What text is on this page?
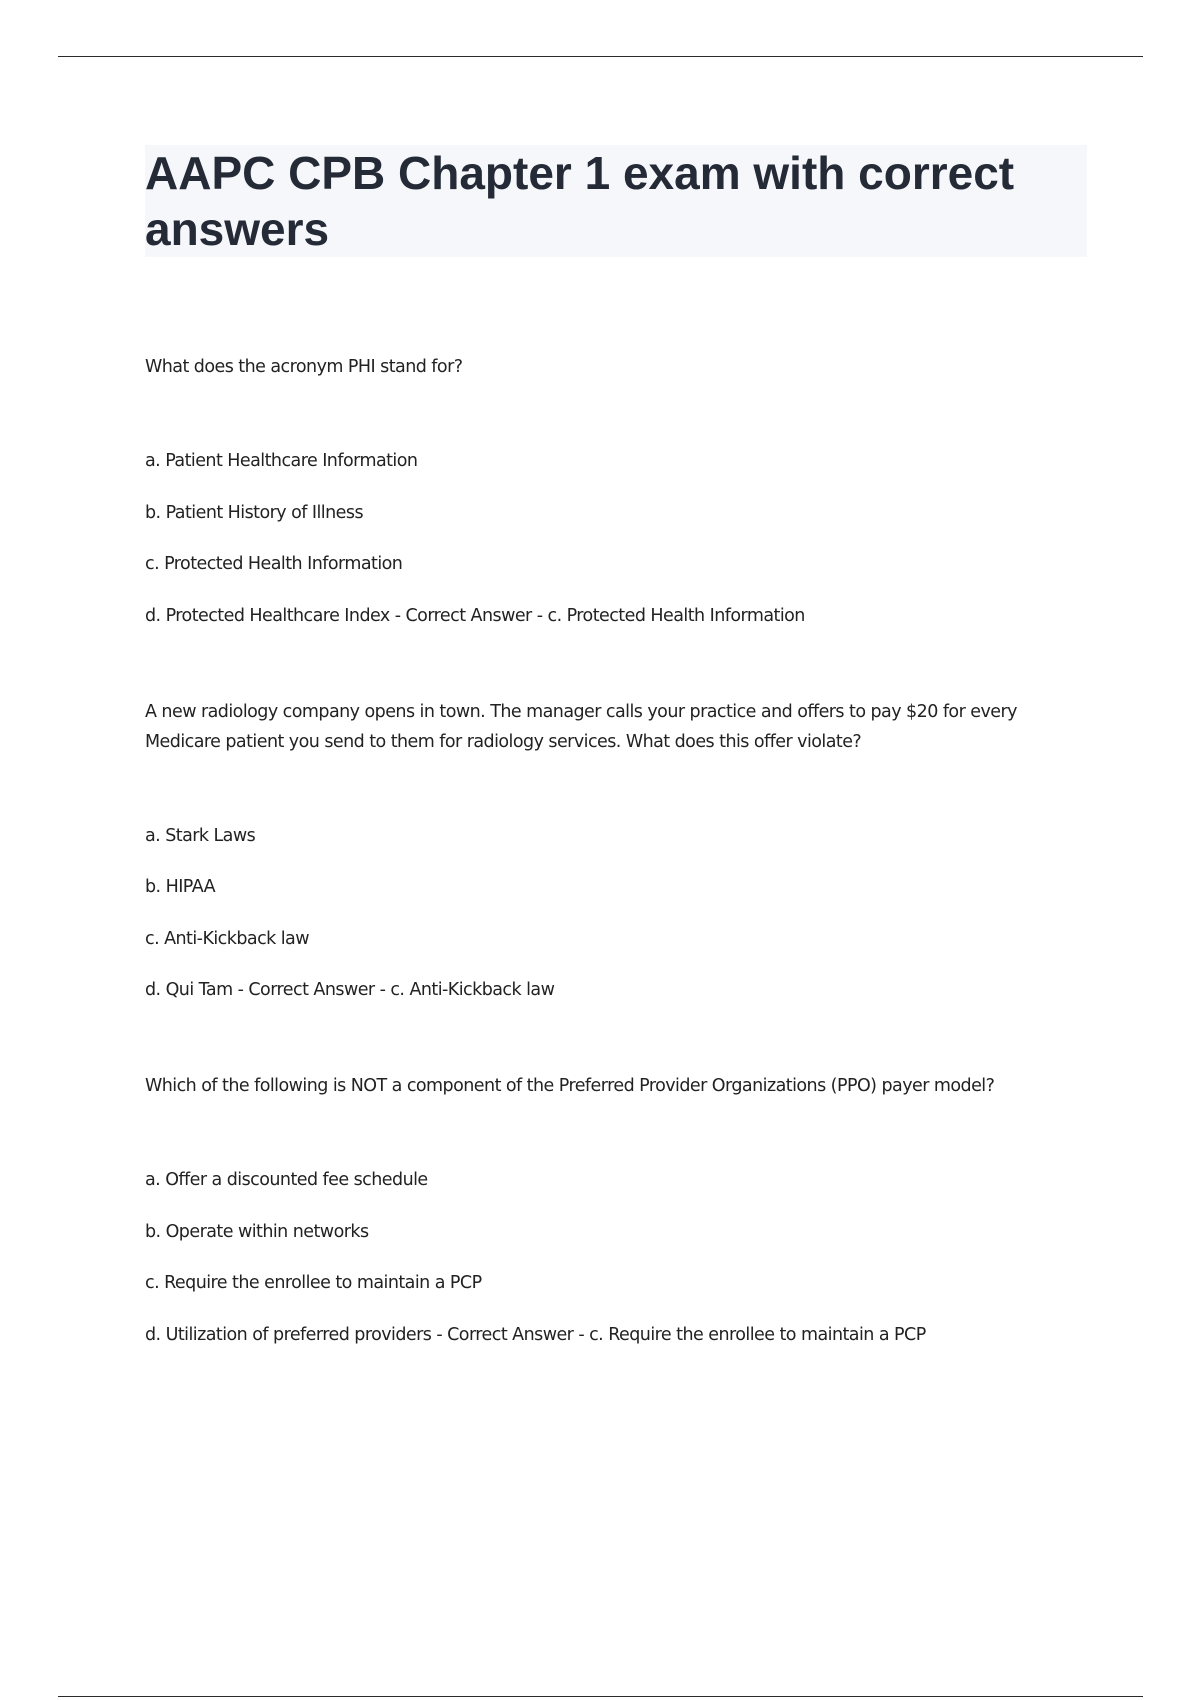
AAPC CPB Chapter 1 exam with correct answers

What does the acronym PHI stand for?

a. Patient Healthcare Information
b. Patient History of Illness
c. Protected Health Information
d. Protected Healthcare Index - Correct Answer - c. Protected Health Information

A new radiology company opens in town. The manager calls your practice and offers to pay $20 for every Medicare patient you send to them for radiology services. What does this offer violate?

a. Stark Laws
b. HIPAA
c. Anti-Kickback law
d. Qui Tam - Correct Answer - c. Anti-Kickback law

Which of the following is NOT a component of the Preferred Provider Organizations (PPO) payer model?

a. Offer a discounted fee schedule
b. Operate within networks
c. Require the enrollee to maintain a PCP
d. Utilization of preferred providers - Correct Answer - c. Require the enrollee to maintain a PCP
